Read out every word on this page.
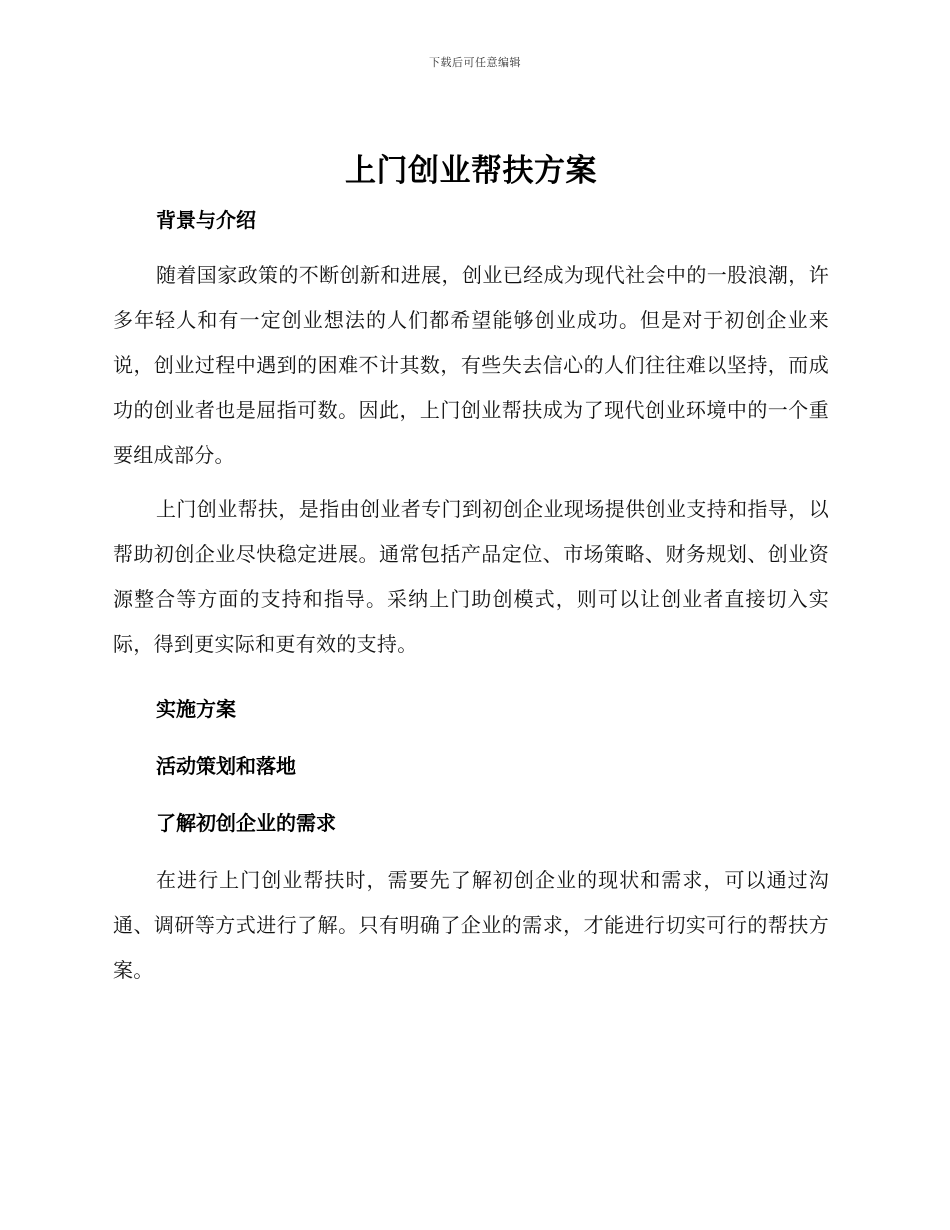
下载后可任意编辑
上门创业帮扶方案
背景与介绍

随着国家政策的不断创新和进展，创业已经成为现代社会中的一股浪潮，许多年轻人和有一定创业想法的人们都希望能够创业成功。但是对于初创企业来说，创业过程中遇到的困难不计其数，有些失去信心的人们往往难以坚持，而成功的创业者也是屈指可数。因此，上门创业帮扶成为了现代创业环境中的一个重要组成部分。

上门创业帮扶，是指由创业者专门到初创企业现场提供创业支持和指导，以帮助初创企业尽快稳定进展。通常包括产品定位、市场策略、财务规划、创业资源整合等方面的支持和指导。采纳上门助创模式，则可以让创业者直接切入实际，得到更实际和更有效的支持。

实施方案
活动策划和落地
了解初创企业的需求

在进行上门创业帮扶时，需要先了解初创企业的现状和需求，可以通过沟通、调研等方式进行了解。只有明确了企业的需求，才能进行切实可行的帮扶方案。
